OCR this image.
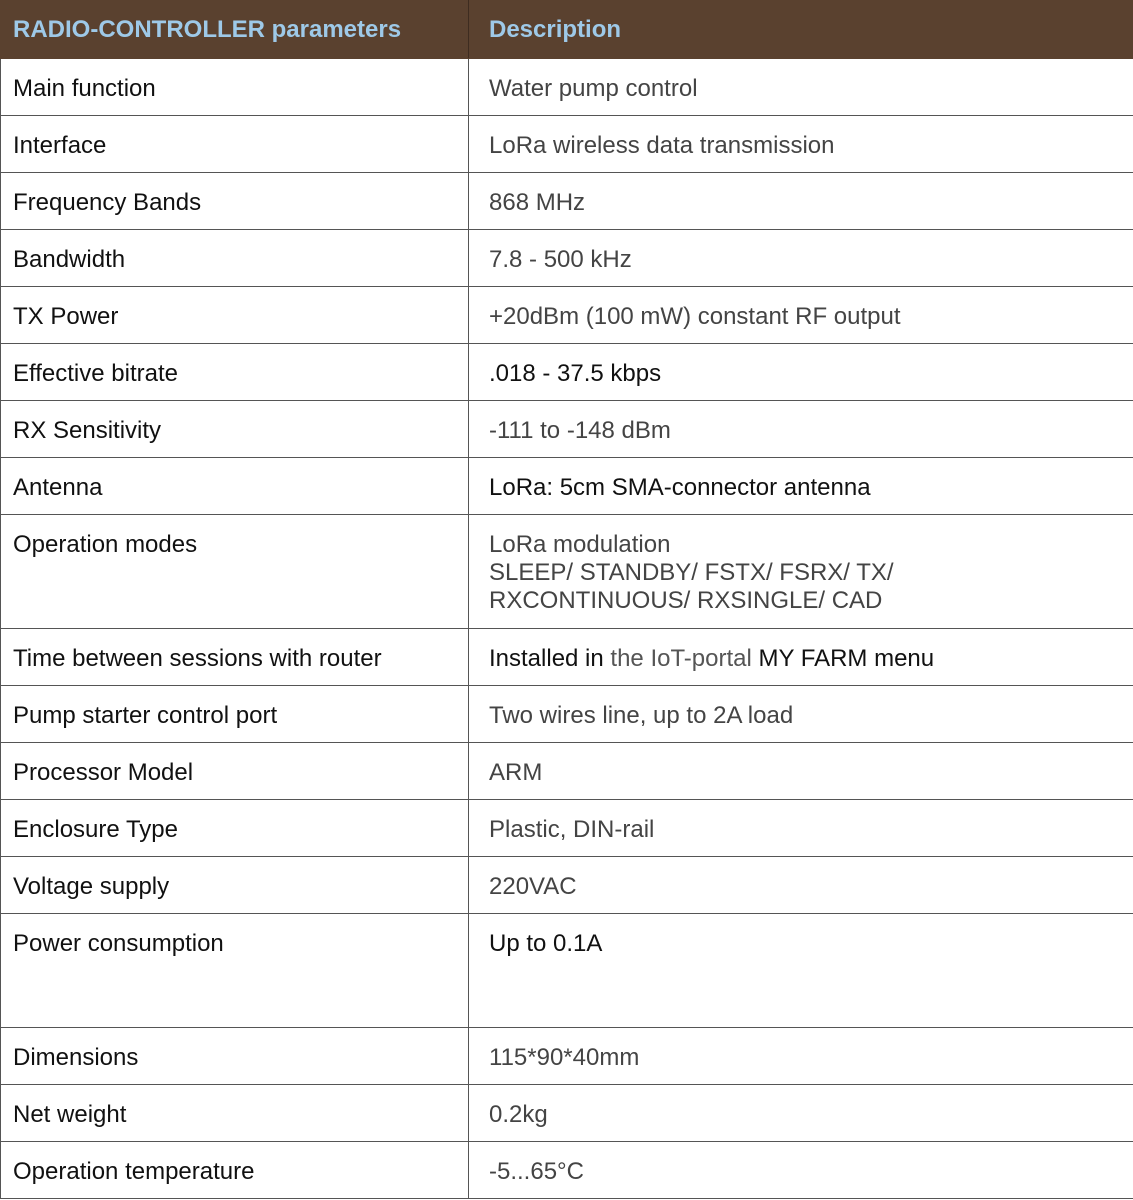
RADIO-CONTROLLER parameters	Description
Main function	Water pump control
Interface	LoRa wireless data transmission
Frequency Bands	868 MHz
Bandwidth	7.8 - 500 kHz
TX Power	+20dBm (100 mW) constant RF output
Effective bitrate	.018 - 37.5 kbps
RX Sensitivity	-111 to -148 dBm
Antenna	LoRa: 5cm SMA-connector antenna
Operation modes	LoRa modulation
SLEEP/ STANDBY/ FSTX/ FSRX/ TX/
RXCONTINUOUS/ RXSINGLE/ CAD

Time between sessions with router	Installed in the IoT-portal MY FARM menu
Pump starter control port	Two wires line, up to 2A load
Processor Model	ARM
Enclosure Type	Plastic, DIN-rail
Voltage supply	220VAC
Power consumption	Up to 0.1A
Dimensions	115*90*40mm
Net weight	0.2kg
Operation temperature	-5...65°C
